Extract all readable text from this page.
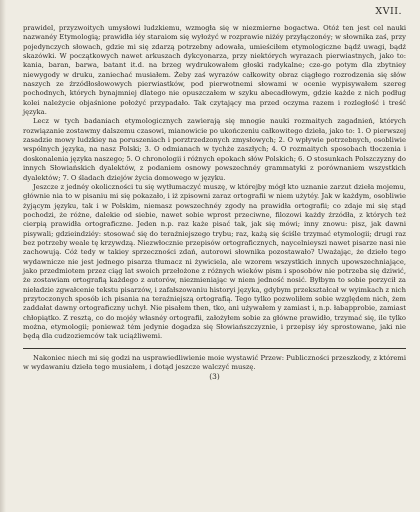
XVII.

prawidel, przyzwoitych umysłowi ludzkiemu, wzmogła się w niezmierne bogactwa. Otóż ten jest cel nauki nazwanéy Etymologią; prawidła iéy staraiom się wyłożyć w rozprawie niżéy przyłączonéy; w słownika zaś, przy pojedynczych słowach, gdzie mi się zdarzą potrzebny adowała, umieściłem etymologiczne bądź uwagi, bądź skazówki. W początkowych nawet arkuszach dykcyonarza, przy niektórych wyrazach pierwiastnych, jako to: kania, baran, barwa, batant it.d. na brzeg wydrukowałem głoski radykalne; cze-go potym dla zbytniey niewygody w druku, zaniechać musiałem. Żeby zaś wyrazów całkowity obraz ciągłego rozrodzenia się słów naszych ze źrzódłosłowowych pierwiastków, pod pierwotnemi słowami w ocenie wypisywałem szereg pochodnych, których bynajmniej dlatego nie opuszczałem w szyku abecadłowym, gdzie każde z nich podług kolei należycie objaśnione położyć przypadało. Tak czytający ma przed oczyma razem i rozległość i treść języka.

Lecz w tych badaniach etymologicznych zawierają się mnogie nauki rozmaitych zagadnień, których rozwiązanie zostawmy dalszemu czasowi, mianowicie po ukończeniu całkowitego dzieła, jako to: 1. O pierwszej zasadzie mowy ludzkiey na poruszeniach i porztrzedzonych zmysłowych; 2. O wpływie potrzebnych, osobliwie wspólnych języka, na nasz Polski; 3. O odmianach w tychże zaszłych; 4. O rozmaitych sposobach tłoczenia i doskonalenia języka naszego; 5. O chronologii i różnych epokach słów Polskich; 6. O stosunkach Polszczyzny do innych Słowiańskich dyalektów, z podaniem osnowy powszechnéy grammatyki z porównaniem wszystkich dyalektów; 7. O śladach dziejów życia domowego w języku.

Jeszcze z jednéy okoliczności tu się wytłumaczyć muszę, w którejby mógł kto uznanie zarzut dzieła mojemu, głównie nia to w pisaniu mi się pokazało, i iż zpisowni zaraz ortografii w niem użytéy. Jak w każdym, osobliwie żyjącym języku, tak i w Polskim, niemasz powszechnéy zgody na prawidła ortografii; co zdaje mi się stąd pochodzi, że różne, dalekie od siebie, nawet sobie wprost przeciwne, filozowi każdy źrzódła, z których też cierpią prawidła ortograficzne. Jeden n.p. raz każe pisać tak, jak się mówi; inny znowu: pisz, jak dawni pisywali; gdzieindziéy: stosować się do teraźniejszego trybu; raz, każą się ściśle trzymać etymologii; drugi raz bez potrzeby weale tę krzywdzą. Niezwłocznie przepisów ortograficznych, naycelnieyszi nawet pisarze nasi nie zachowują. Cóż tedy w takiey sprzeczności zdań, autorowi słownika pozostawało? Uważając, że dzieło tego wydawnicze nie jest jednego pisarza tłumacz ni żywiciela, ale wzorem wszystkich innych upowszechniające, jako przedmiotem przez ciąg lat swoich przełożone z różnych wieków pism i sposobów nie potrzeba się dziwić, że zostawiam ortografią każdego z autorów, niezmieniając w niem jedność nosić. Byłbym to sobie porzycił za nieładzie zgwałcenie tekstu pisarzów, i zafałszowaniu historyi języka, gdybym przekształcał w wyimkach z nich przytoczonych sposób ich pisania na teraźniejszą ortografią. Tego tylko pozwoliłem sobie względem nich, żem zaddałat dawny ortograficzny uchył. Nie pisałem then, tko, ani używałem y zamiast i, n.p. łabapprobie, zamiast chłopiątko. Z resztą, co do mojéy własnéy ortografii, założyłem sobie za główne prawidło, trzymać się, ile tylko można, etymologii; ponieważ tém jedynie dogadza się Słowiańszczyznie, i przepisy iéy sprostowane, jaki nie będą dla cudzoziemców tak uciążliwemi.

Nakoniec niech mi się godzi na usprawiedliwienie moie wystawić Przew: Publiczności przeszkody, z któremi w wydawaniu dzieła tego musiałem, i dotąd jeszcze walczyć muszę.
(3)
